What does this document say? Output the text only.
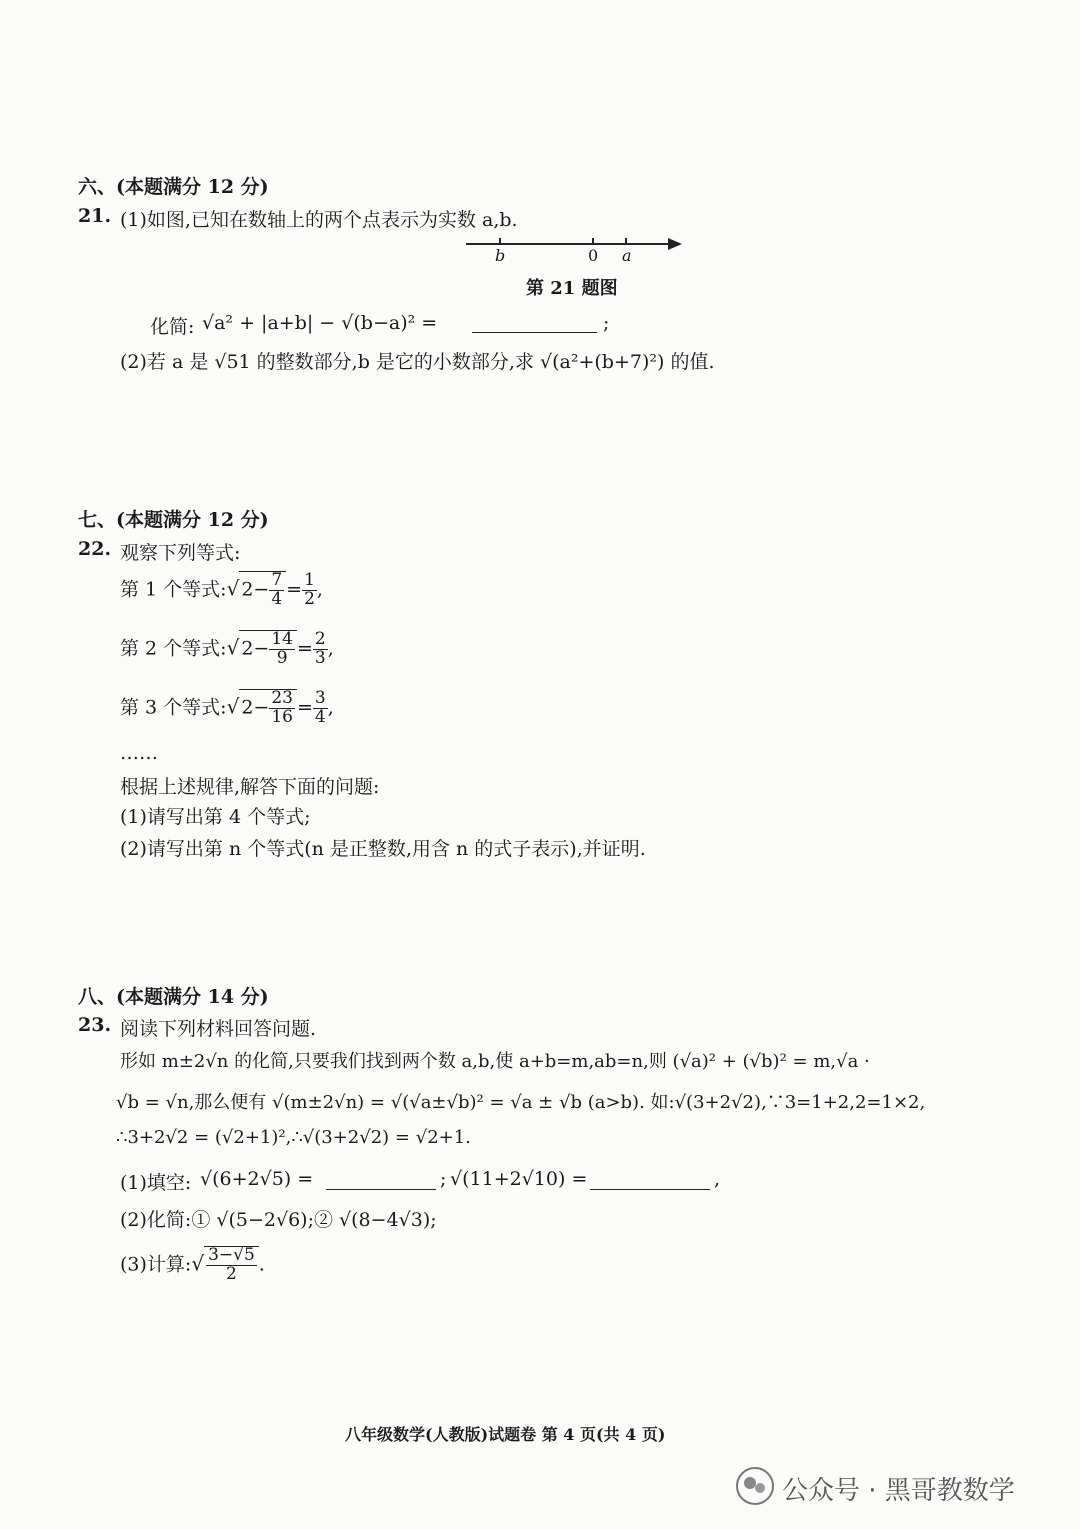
六、(本题满分 12 分)
21. (1)如图,已知在数轴上的两个点表示为实数 a,b.
b	0 a
第 21 题图
化简: √a² + |a+b| − √(b−a)² =	;
(2)若 a 是 √51 的整数部分,b 是它的小数部分,求 √(a²+(b+7)²) 的值.
七、(本题满分 12 分)
22. 观察下列等式:
第 1 个等式:√ $2- \frac{7}{4} = \frac{1}{2}$ ,
第 2 个等式:√ $2- \frac{14}{9} = \frac{2}{3}$ ,
第 3 个等式:√ $2- \frac{23}{16} = \frac{3}{4}$ ,
……
根据上述规律,解答下面的问题:
(1)请写出第 4 个等式;
(2)请写出第 n 个等式(n 是正整数,用含 n 的式子表示),并证明.
八、(本题满分 14 分)
23. 阅读下列材料回答问题.
形如 m±2√n 的化简,只要我们找到两个数 a,b,使 a+b=m,ab=n,则 (√a)² + (√b)² = m,√a ·
√b = √n,那么便有 √(m±2√n) = √(√a±√b)² = √a ± √b (a>b). 如:√(3+2√2),∵3=1+2,2=1×2,
∴3+2√2 = (√2+1)²,∴√(3+2√2) = √2+1.
(1)填空: √(6+2√5) =	; √(11+2√10) =	,
(2)化简:① √(5−2√6);② √(8−4√3);
(3)计算:√ $\frac{3-√5}{2}$ .
八年级数学(人教版)试题卷 第 4 页(共 4 页)
公众号 · 黑哥教数学
